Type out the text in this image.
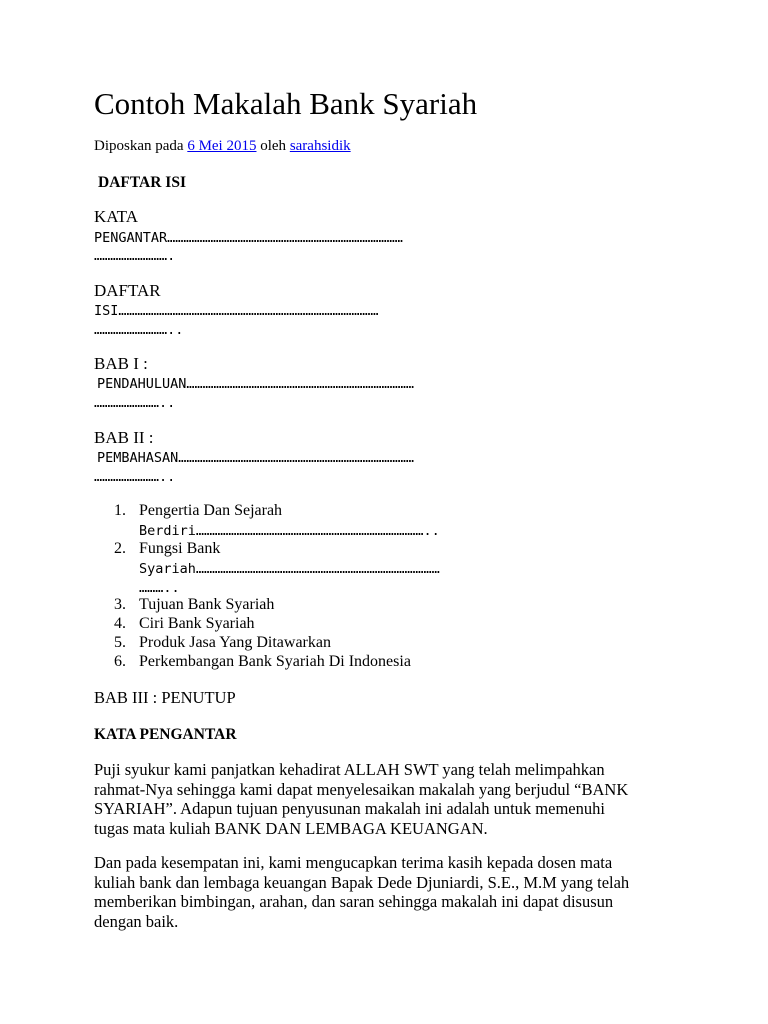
Contoh Makalah Bank Syariah
Diposkan pada 6 Mei 2015 oleh sarahsidik
DAFTAR ISI
KATA
PENGANTAR……………………………………………………………………………
……………………….
DAFTAR
ISI……………………………………………………………………………………
………………………..
BAB I :
PENDAHULUAN…………………………………………………………………………
……………………..
BAB II :
PEMBAHASAN……………………………………………………………………………
……………………..
1. Pengertia Dan Sejarah
Berdiri…………………………………………………………………………..
2. Fungsi Bank
Syariah………………………………………………………………………………
………..
3. Tujuan Bank Syariah
4. Ciri Bank Syariah
5. Produk Jasa Yang Ditawarkan
6. Perkembangan Bank Syariah Di Indonesia
BAB III : PENUTUP
KATA PENGANTAR
Puji syukur kami panjatkan kehadirat ALLAH SWT yang telah melimpahkan
rahmat-Nya sehingga kami dapat menyelesaikan makalah yang berjudul “BANK
SYARIAH”. Adapun tujuan penyusunan makalah ini adalah untuk memenuhi
tugas mata kuliah BANK DAN LEMBAGA KEUANGAN.
Dan pada kesempatan ini, kami mengucapkan terima kasih kepada dosen mata
kuliah bank dan lembaga keuangan Bapak Dede Djuniardi, S.E., M.M yang telah
memberikan bimbingan, arahan, dan saran sehingga makalah ini dapat disusun
dengan baik.
